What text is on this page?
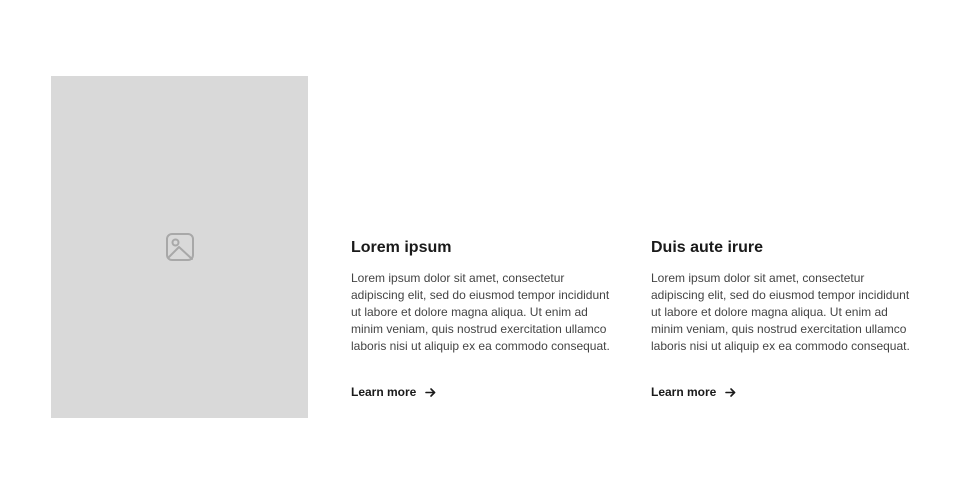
Lorem ipsum

Lorem ipsum dolor sit amet, consectetur adipiscing elit, sed do eiusmod tempor incididunt ut labore et dolore magna aliqua. Ut enim ad minim veniam, quis nostrud exercitation ullamco laboris nisi ut aliquip ex ea commodo consequat.

Learn more
Duis aute irure

Lorem ipsum dolor sit amet, consectetur adipiscing elit, sed do eiusmod tempor incididunt ut labore et dolore magna aliqua. Ut enim ad minim veniam, quis nostrud exercitation ullamco laboris nisi ut aliquip ex ea commodo consequat.

Learn more
